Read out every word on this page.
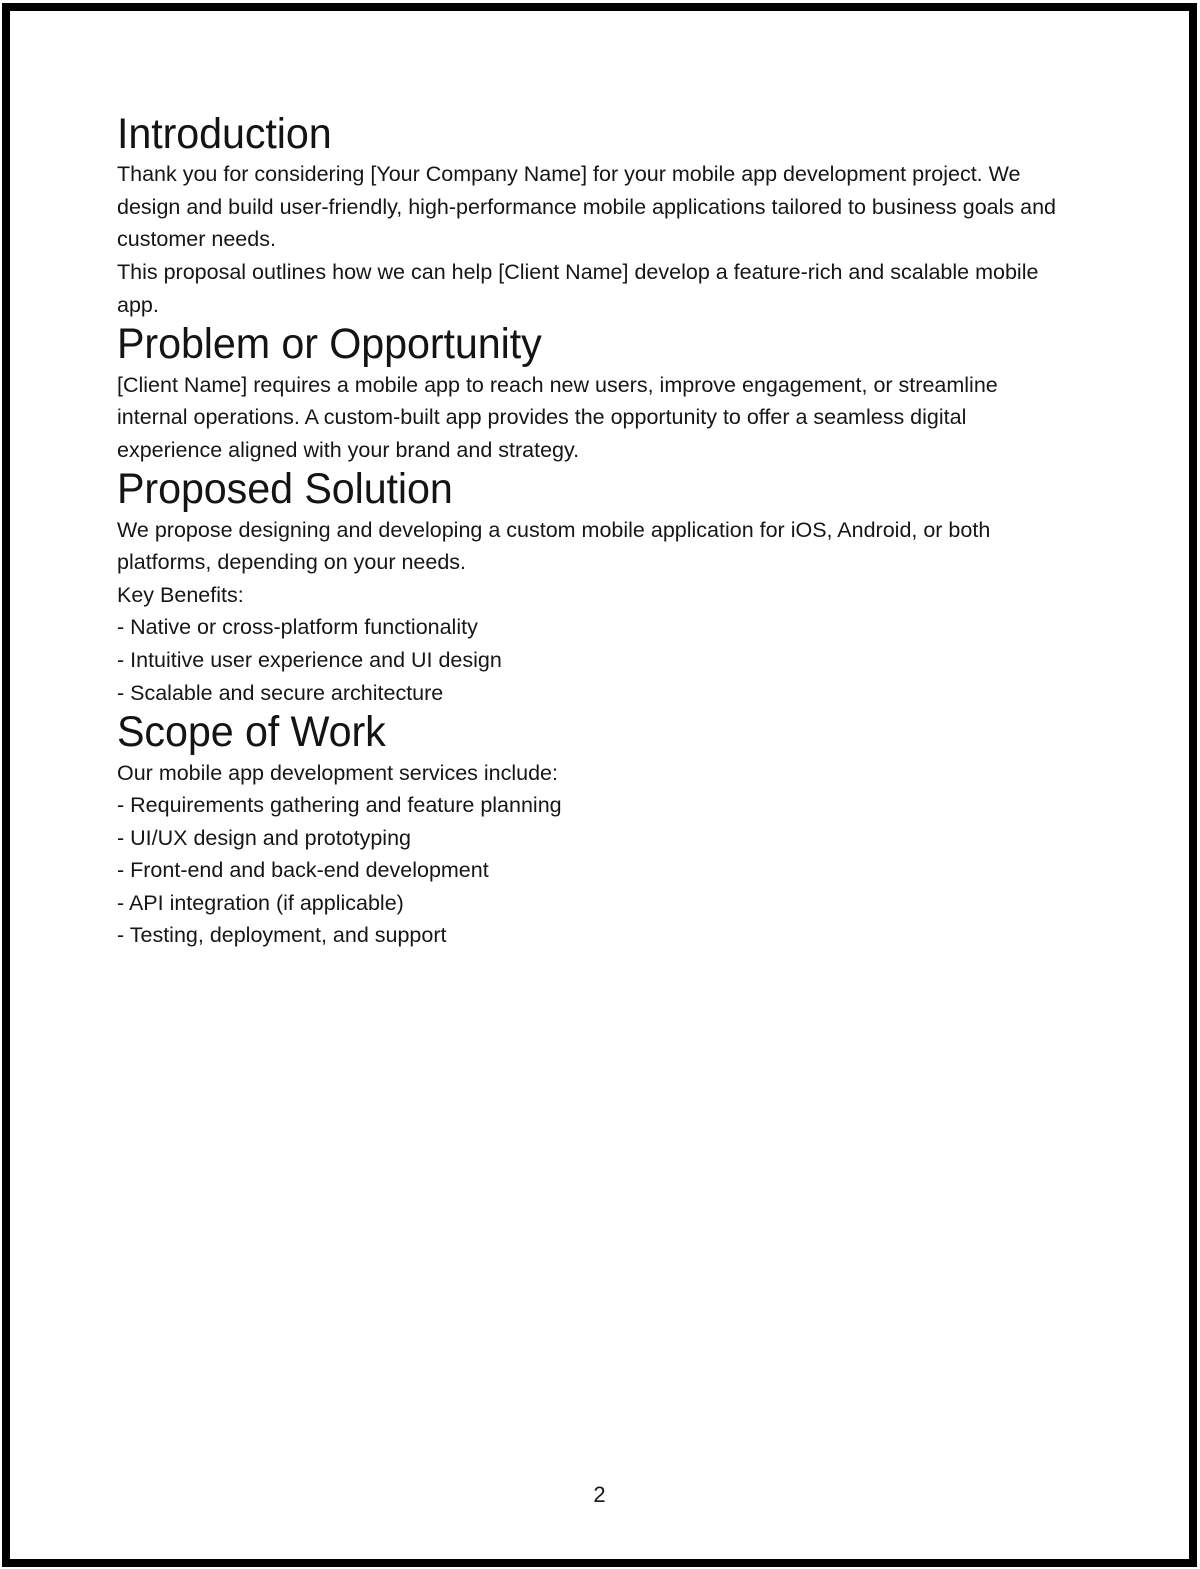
Introduction

Thank you for considering [Your Company Name] for your mobile app development project. We design and build user-friendly, high-performance mobile applications tailored to business goals and customer needs.

This proposal outlines how we can help [Client Name] develop a feature-rich and scalable mobile app.

Problem or Opportunity

[Client Name] requires a mobile app to reach new users, improve engagement, or streamline internal operations. A custom-built app provides the opportunity to offer a seamless digital experience aligned with your brand and strategy.

Proposed Solution

We propose designing and developing a custom mobile application for iOS, Android, or both platforms, depending on your needs.

Key Benefits:

- Native or cross-platform functionality
- Intuitive user experience and UI design
- Scalable and secure architecture
Scope of Work

Our mobile app development services include:

- Requirements gathering and feature planning
- UI/UX design and prototyping
- Front-end and back-end development
- API integration (if applicable)
- Testing, deployment, and support
2
